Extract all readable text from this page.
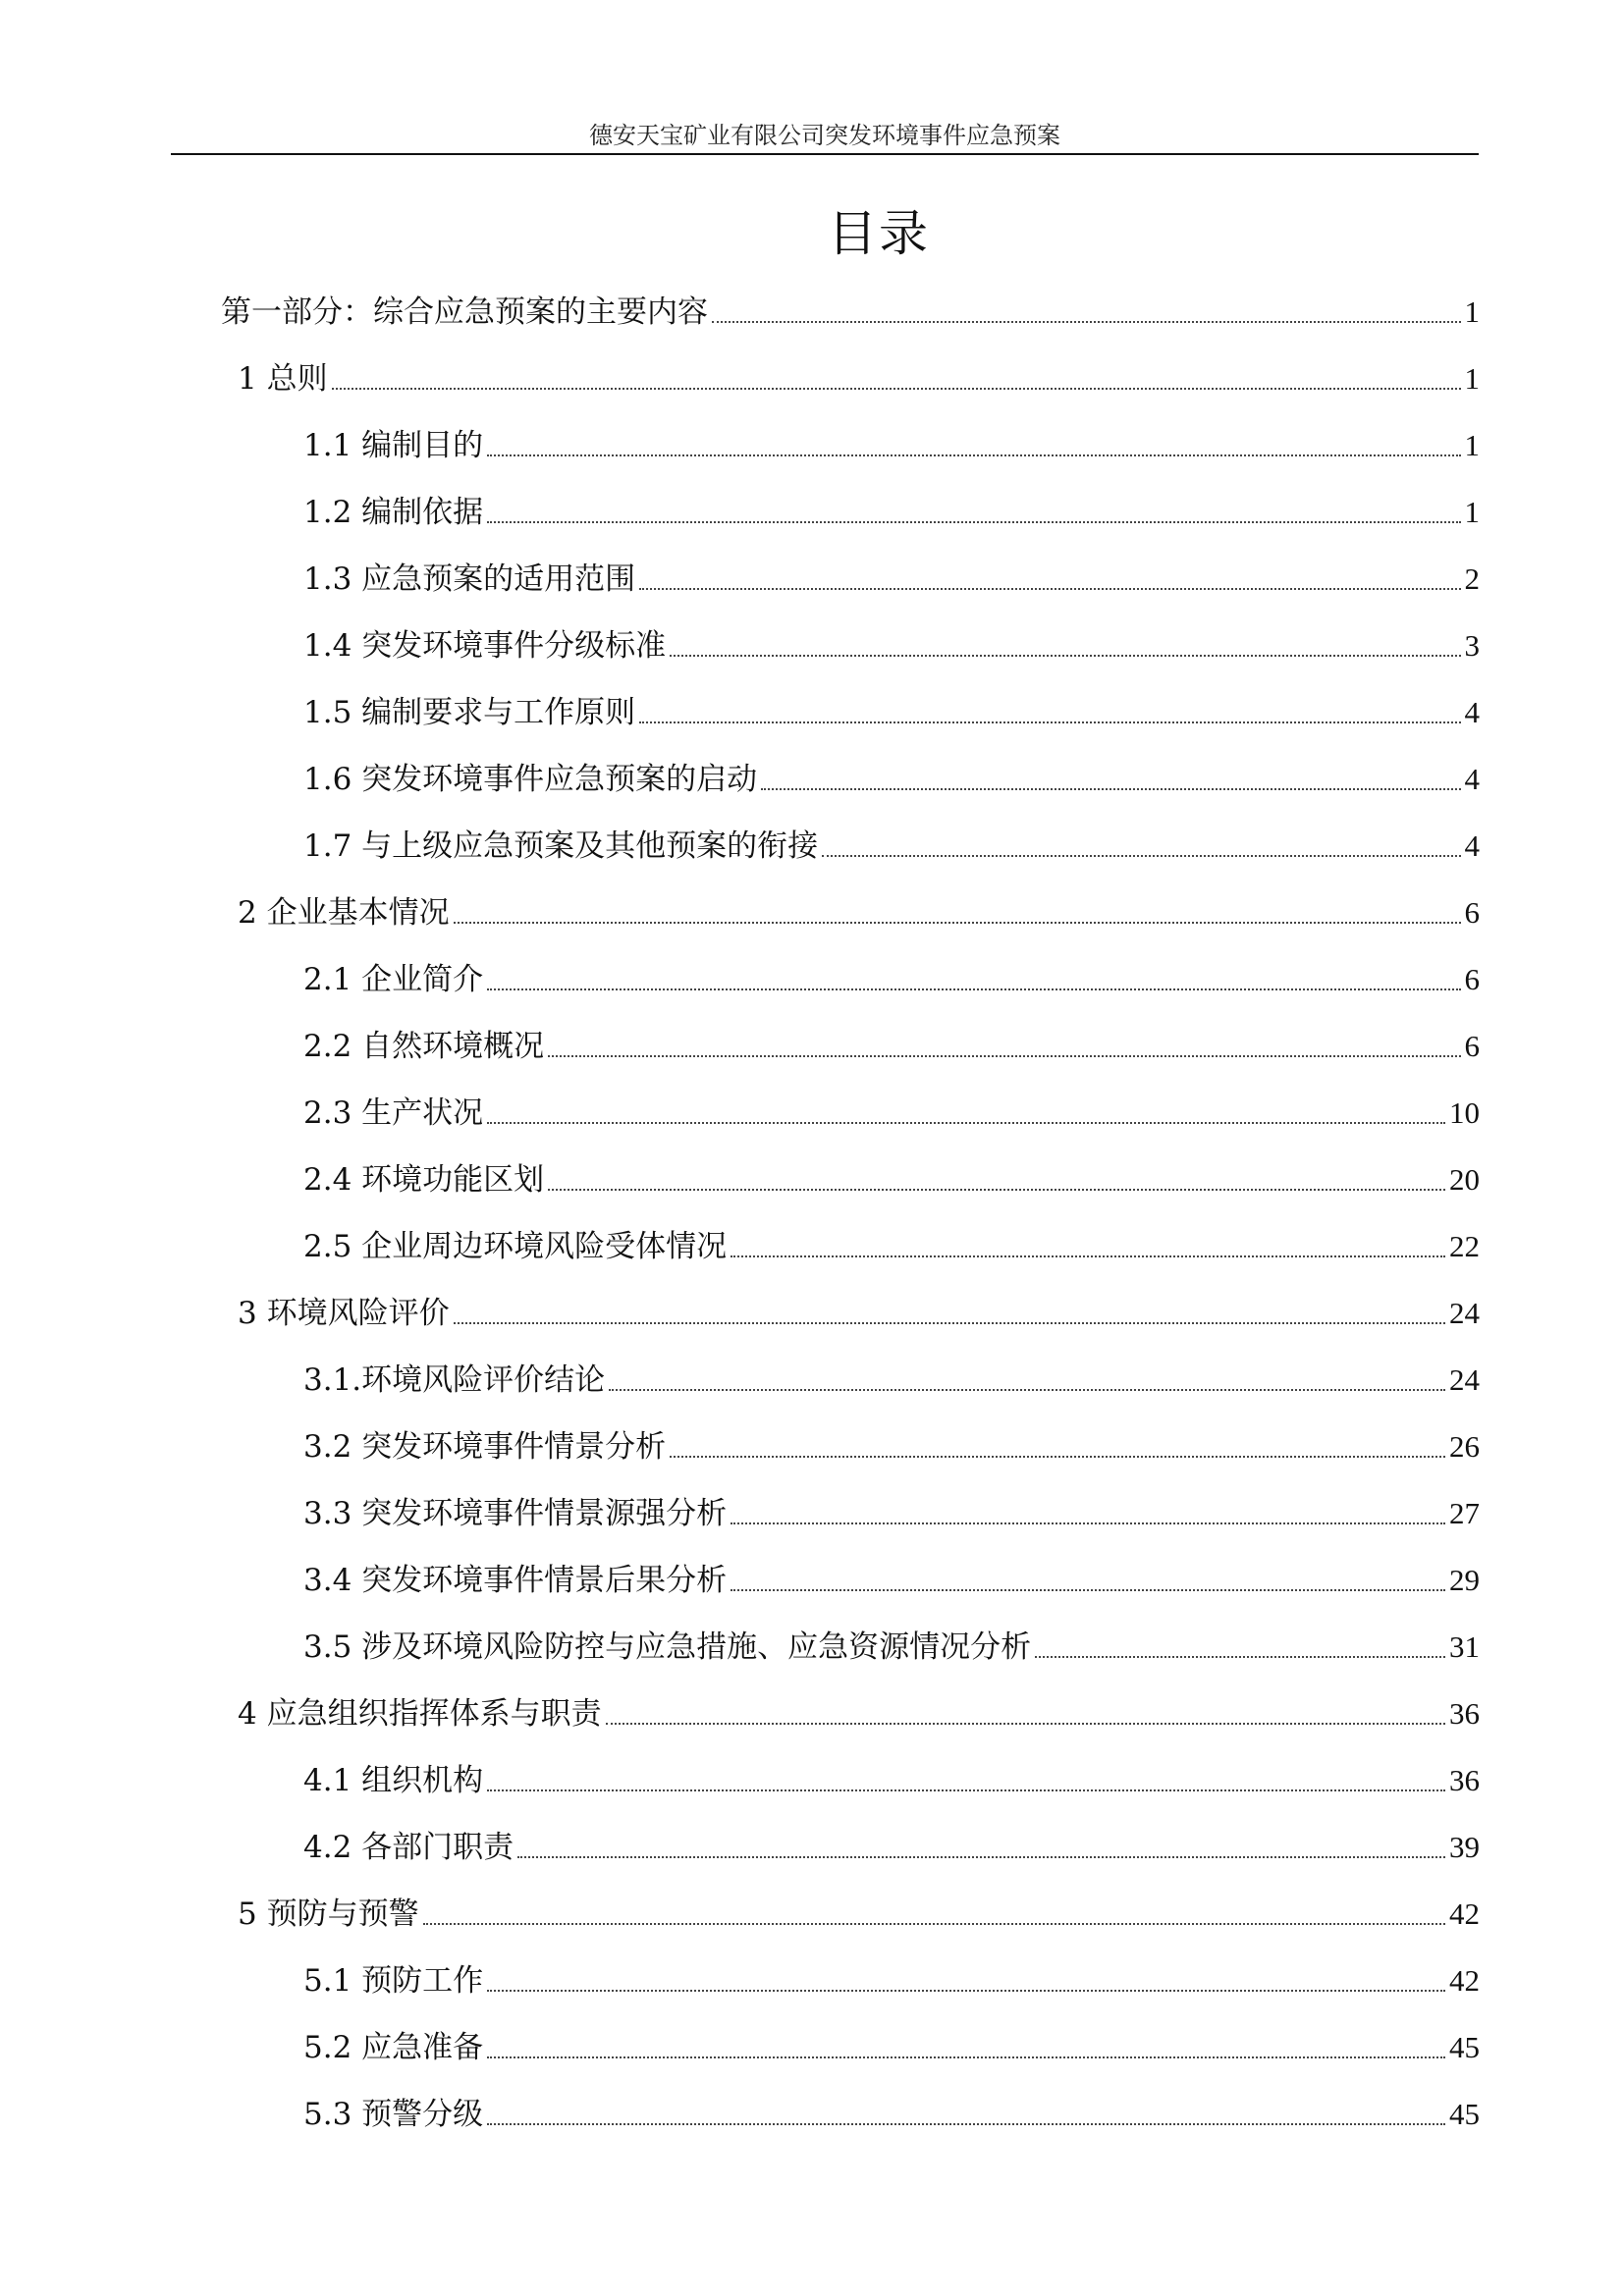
德安天宝矿业有限公司突发环境事件应急预案
目录
第一部分：综合应急预案的主要内容	1
1 总则	1
1.1 编制目的	1
1.2 编制依据	1
1.3 应急预案的适用范围	2
1.4 突发环境事件分级标准	3
1.5 编制要求与工作原则	4
1.6 突发环境事件应急预案的启动	4
1.7 与上级应急预案及其他预案的衔接	4
2 企业基本情况	6
2.1 企业简介	6
2.2 自然环境概况	6
2.3 生产状况	10
2.4 环境功能区划	20
2.5 企业周边环境风险受体情况	22
3 环境风险评价	24
3.1.环境风险评价结论	24
3.2 突发环境事件情景分析	26
3.3 突发环境事件情景源强分析	27
3.4 突发环境事件情景后果分析	29
3.5 涉及环境风险防控与应急措施、应急资源情况分析	31
4 应急组织指挥体系与职责	36
4.1 组织机构	36
4.2 各部门职责	39
5 预防与预警	42
5.1 预防工作	42
5.2 应急准备	45
5.3 预警分级	45
